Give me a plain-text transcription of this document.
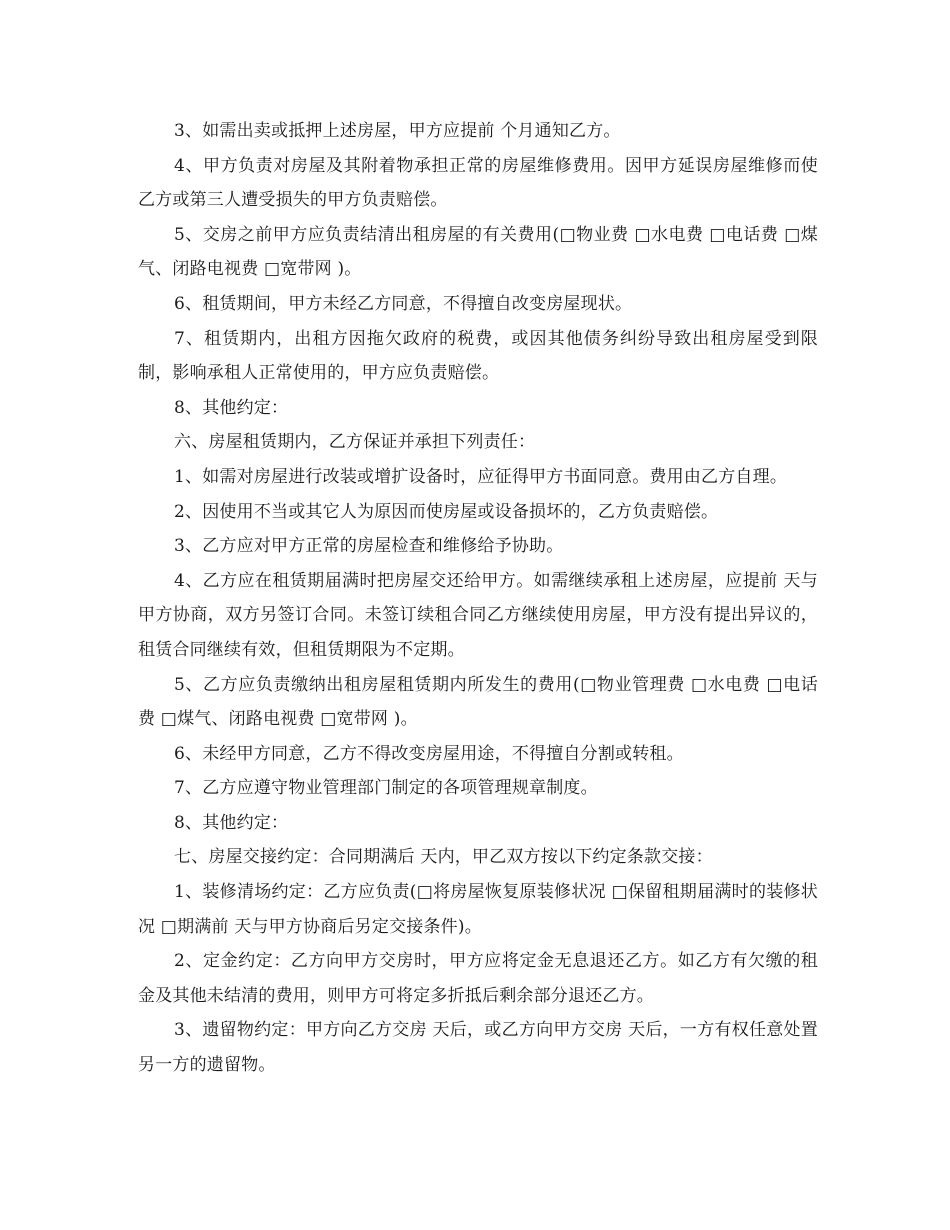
3、如需出卖或抵押上述房屋，甲方应提前 个月通知乙方。

4、甲方负责对房屋及其附着物承担正常的房屋维修费用。因甲方延误房屋维修而使乙方或第三人遭受损失的甲方负责赔偿。

5、交房之前甲方应负责结清出租房屋的有关费用(□物业费 □水电费 □电话费 □煤气、闭路电视费 □宽带网 )。

6、租赁期间，甲方未经乙方同意，不得擅自改变房屋现状。

7、租赁期内，出租方因拖欠政府的税费，或因其他债务纠纷导致出租房屋受到限制，影响承租人正常使用的，甲方应负责赔偿。

8、其他约定：

六、房屋租赁期内，乙方保证并承担下列责任：

1、如需对房屋进行改装或增扩设备时，应征得甲方书面同意。费用由乙方自理。

2、因使用不当或其它人为原因而使房屋或设备损坏的，乙方负责赔偿。

3、乙方应对甲方正常的房屋检查和维修给予协助。

4、乙方应在租赁期届满时把房屋交还给甲方。如需继续承租上述房屋，应提前 天与甲方协商，双方另签订合同。未签订续租合同乙方继续使用房屋，甲方没有提出异议的，租赁合同继续有效，但租赁期限为不定期。

5、乙方应负责缴纳出租房屋租赁期内所发生的费用(□物业管理费 □水电费 □电话费 □煤气、闭路电视费 □宽带网 )。

6、未经甲方同意，乙方不得改变房屋用途，不得擅自分割或转租。

7、乙方应遵守物业管理部门制定的各项管理规章制度。

8、其他约定：

七、房屋交接约定：合同期满后 天内，甲乙双方按以下约定条款交接：

1、装修清场约定：乙方应负责(□将房屋恢复原装修状况 □保留租期届满时的装修状况 □期满前 天与甲方协商后另定交接条件)。

2、定金约定：乙方向甲方交房时，甲方应将定金无息退还乙方。如乙方有欠缴的租金及其他未结清的费用，则甲方可将定多折抵后剩余部分退还乙方。

3、遗留物约定：甲方向乙方交房 天后，或乙方向甲方交房 天后，一方有权任意处置另一方的遗留物。
